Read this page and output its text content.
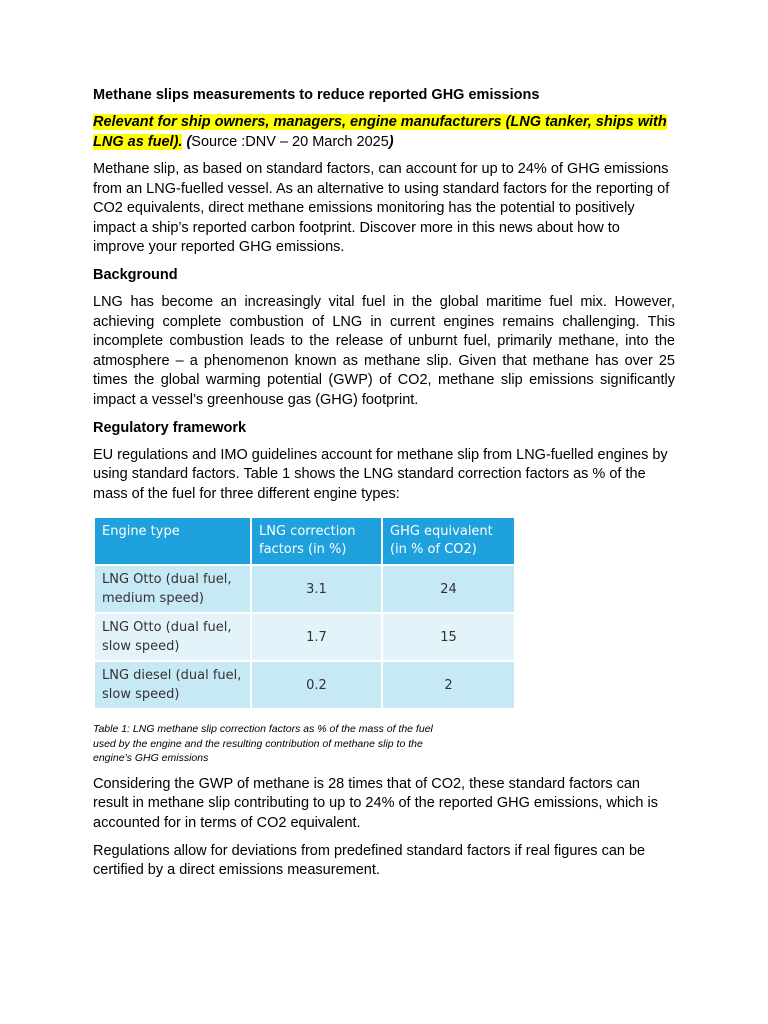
Methane slips measurements to reduce reported GHG emissions
Relevant for ship owners, managers, engine manufacturers (LNG tanker, ships with LNG as fuel). (Source :DNV – 20 March 2025)

Methane slip, as based on standard factors, can account for up to 24% of GHG emissions from an LNG-fuelled vessel. As an alternative to using standard factors for the reporting of CO2 equivalents, direct methane emissions monitoring has the potential to positively impact a ship’s reported carbon footprint. Discover more in this news about how to improve your reported GHG emissions.

Background

LNG has become an increasingly vital fuel in the global maritime fuel mix. However, achieving complete combustion of LNG in current engines remains challenging. This incomplete combustion leads to the release of unburnt fuel, primarily methane, into the atmosphere – a phenomenon known as methane slip. Given that methane has over 25 times the global warming potential (GWP) of CO2, methane slip emissions significantly impact a vessel’s greenhouse gas (GHG) footprint.

Regulatory framework

EU regulations and IMO guidelines account for methane slip from LNG-fuelled engines by using standard factors. Table 1 shows the LNG standard correction factors as % of the mass of the fuel for three different engine types:

Engine type	LNG correction factors (in %)	GHG equivalent (in % of CO2)
LNG Otto (dual fuel, medium speed)	3.1	24
LNG Otto (dual fuel, slow speed)	1.7	15
LNG diesel (dual fuel, slow speed)	0.2	2
Table 1: LNG methane slip correction factors as % of the mass of the fuel used by the engine and the resulting contribution of methane slip to the engine’s GHG emissions

Considering the GWP of methane is 28 times that of CO2, these standard factors can result in methane slip contributing to up to 24% of the reported GHG emissions, which is accounted for in terms of CO2 equivalent.

Regulations allow for deviations from predefined standard factors if real figures can be certified by a direct emissions measurement.
